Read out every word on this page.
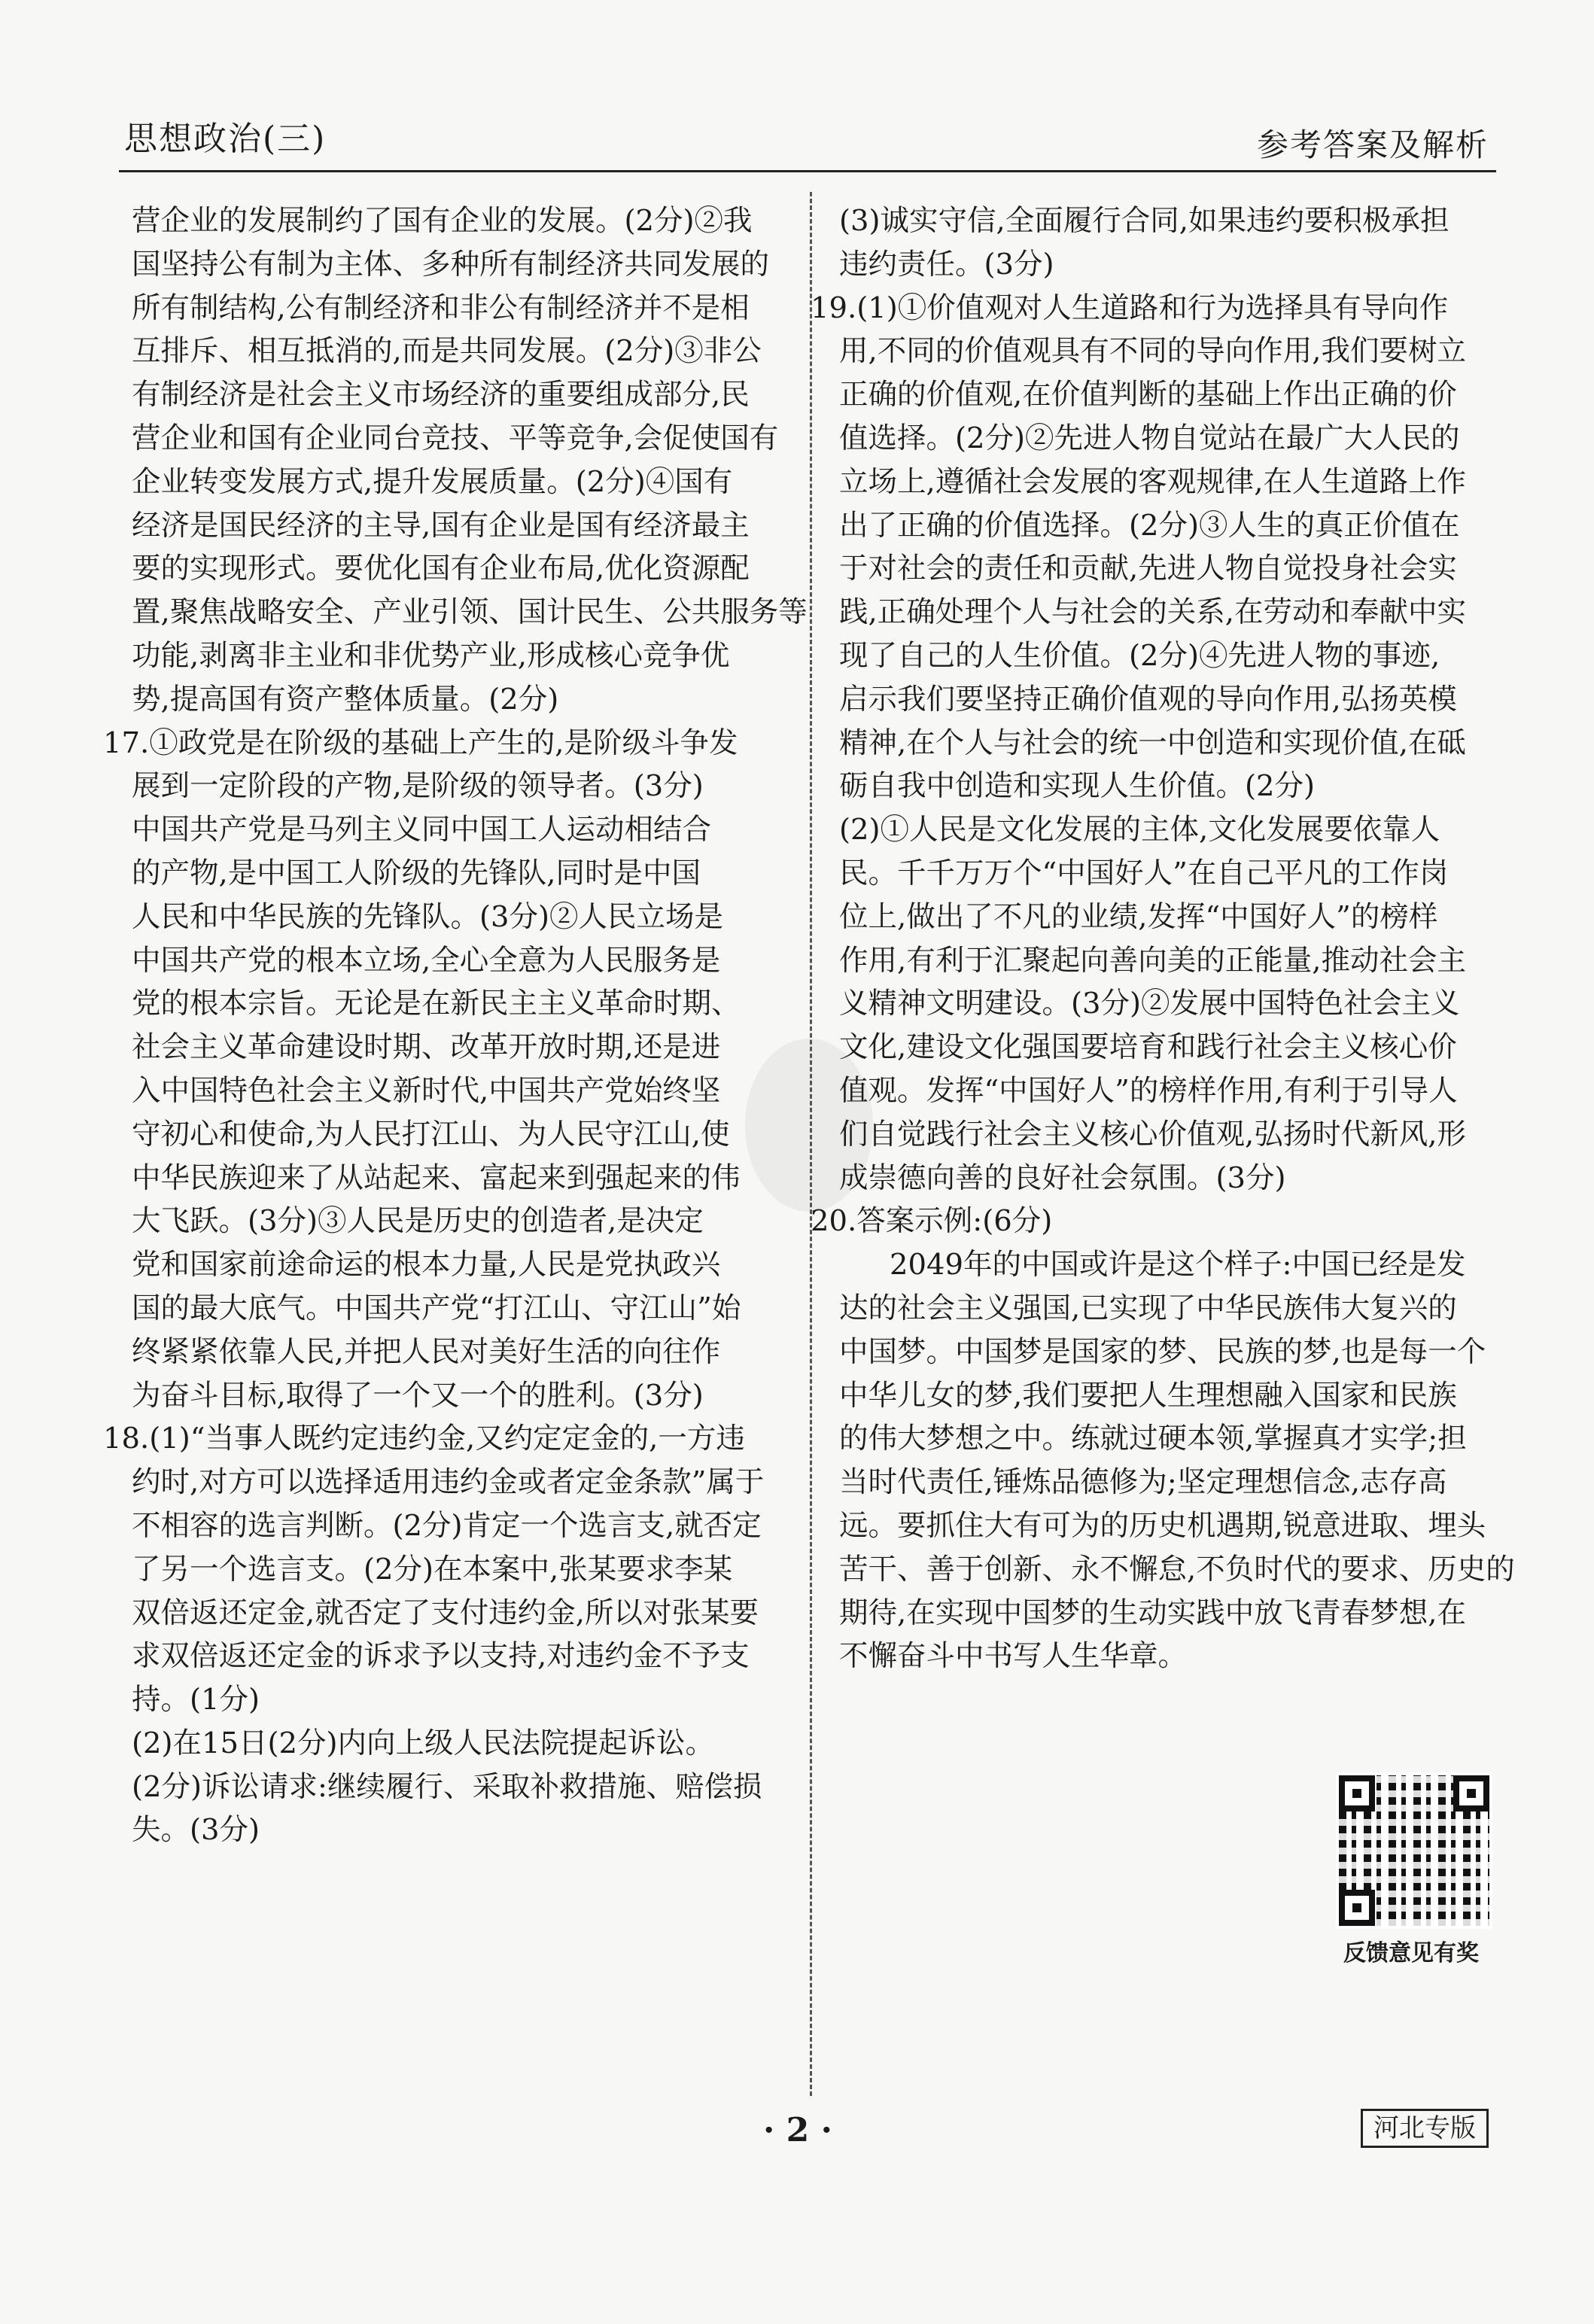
思想政治(三)	参考答案及解析
营企业的发展制约了国有企业的发展。(2分)②我
国坚持公有制为主体、多种所有制经济共同发展的
所有制结构,公有制经济和非公有制经济并不是相
互排斥、相互抵消的,而是共同发展。(2分)③非公
有制经济是社会主义市场经济的重要组成部分,民
营企业和国有企业同台竞技、平等竞争,会促使国有
企业转变发展方式,提升发展质量。(2分)④国有
经济是国民经济的主导,国有企业是国有经济最主
要的实现形式。要优化国有企业布局,优化资源配
置,聚焦战略安全、产业引领、国计民生、公共服务等
功能,剥离非主业和非优势产业,形成核心竞争优
势,提高国有资产整体质量。(2分)
17.①政党是在阶级的基础上产生的,是阶级斗争发
展到一定阶段的产物,是阶级的领导者。(3分)
中国共产党是马列主义同中国工人运动相结合
的产物,是中国工人阶级的先锋队,同时是中国
人民和中华民族的先锋队。(3分)②人民立场是
中国共产党的根本立场,全心全意为人民服务是
党的根本宗旨。无论是在新民主主义革命时期、
社会主义革命建设时期、改革开放时期,还是进
入中国特色社会主义新时代,中国共产党始终坚
守初心和使命,为人民打江山、为人民守江山,使
中华民族迎来了从站起来、富起来到强起来的伟
大飞跃。(3分)③人民是历史的创造者,是决定
党和国家前途命运的根本力量,人民是党执政兴
国的最大底气。中国共产党“打江山、守江山”始
终紧紧依靠人民,并把人民对美好生活的向往作
为奋斗目标,取得了一个又一个的胜利。(3分)
18.(1)“当事人既约定违约金,又约定定金的,一方违
约时,对方可以选择适用违约金或者定金条款”属于
不相容的选言判断。(2分)肯定一个选言支,就否定
了另一个选言支。(2分)在本案中,张某要求李某
双倍返还定金,就否定了支付违约金,所以对张某要
求双倍返还定金的诉求予以支持,对违约金不予支
持。(1分)
(2)在15日(2分)内向上级人民法院提起诉讼。
(2分)诉讼请求:继续履行、采取补救措施、赔偿损
失。(3分)
(3)诚实守信,全面履行合同,如果违约要积极承担
违约责任。(3分)
19.(1)①价值观对人生道路和行为选择具有导向作
用,不同的价值观具有不同的导向作用,我们要树立
正确的价值观,在价值判断的基础上作出正确的价
值选择。(2分)②先进人物自觉站在最广大人民的
立场上,遵循社会发展的客观规律,在人生道路上作
出了正确的价值选择。(2分)③人生的真正价值在
于对社会的责任和贡献,先进人物自觉投身社会实
践,正确处理个人与社会的关系,在劳动和奉献中实
现了自己的人生价值。(2分)④先进人物的事迹,
启示我们要坚持正确价值观的导向作用,弘扬英模
精神,在个人与社会的统一中创造和实现价值,在砥
砺自我中创造和实现人生价值。(2分)
(2)①人民是文化发展的主体,文化发展要依靠人
民。千千万万个“中国好人”在自己平凡的工作岗
位上,做出了不凡的业绩,发挥“中国好人”的榜样
作用,有利于汇聚起向善向美的正能量,推动社会主
义精神文明建设。(3分)②发展中国特色社会主义
文化,建设文化强国要培育和践行社会主义核心价
值观。发挥“中国好人”的榜样作用,有利于引导人
们自觉践行社会主义核心价值观,弘扬时代新风,形
成崇德向善的良好社会氛围。(3分)
20.答案示例:(6分)
2049年的中国或许是这个样子:中国已经是发
达的社会主义强国,已实现了中华民族伟大复兴的
中国梦。中国梦是国家的梦、民族的梦,也是每一个
中华儿女的梦,我们要把人生理想融入国家和民族
的伟大梦想之中。练就过硬本领,掌握真才实学;担
当时代责任,锤炼品德修为;坚定理想信念,志存高
远。要抓住大有可为的历史机遇期,锐意进取、埋头
苦干、善于创新、永不懈怠,不负时代的要求、历史的
期待,在实现中国梦的生动实践中放飞青春梦想,在
不懈奋斗中书写人生华章。
反馈意见有奖
· 2 ·	河北专版
